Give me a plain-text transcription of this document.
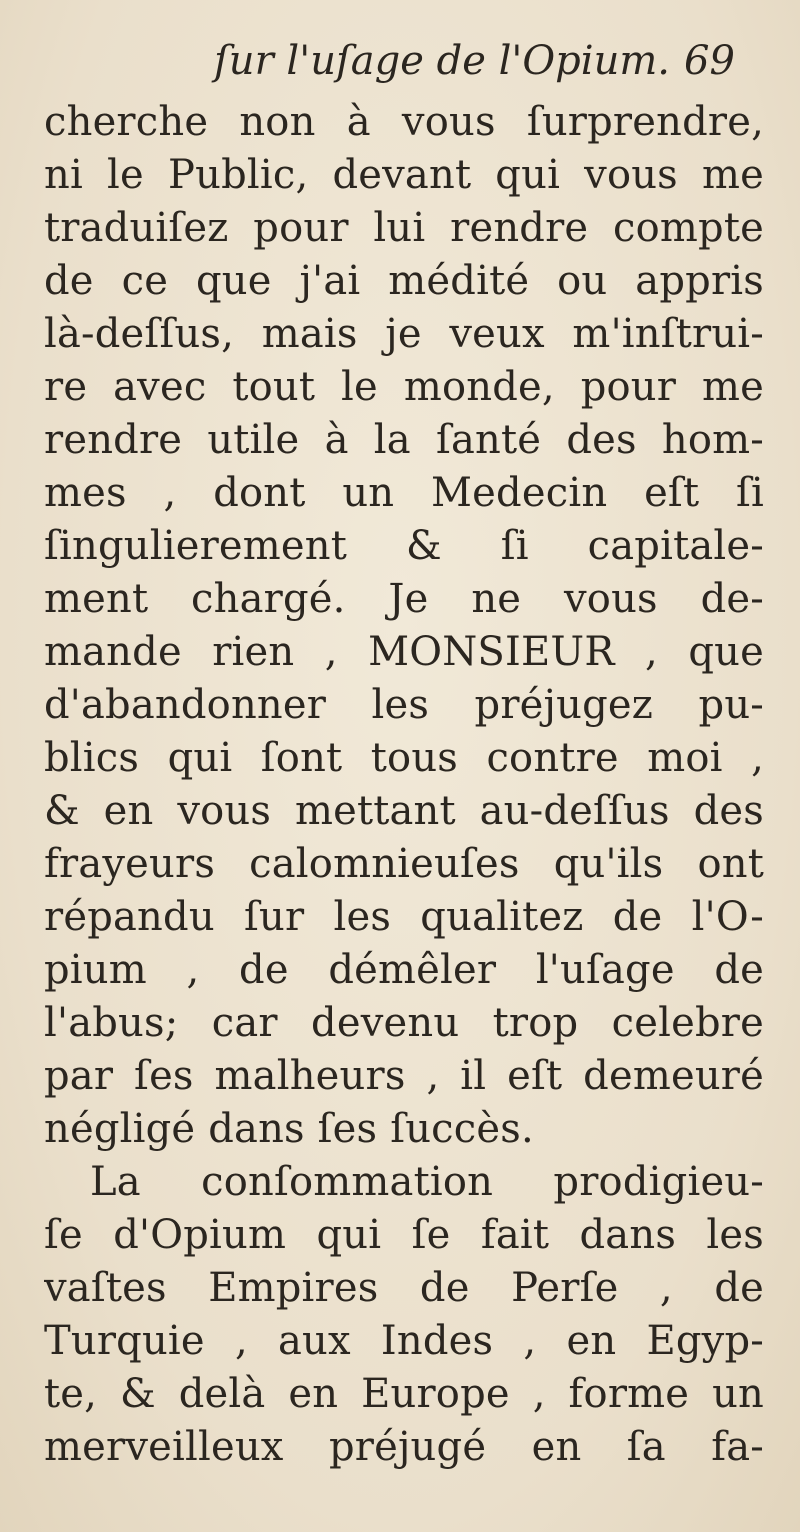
ſur l'uſage de l'Opium. 69
cherche non à vous ſurprendre,
ni le Public, devant qui vous me
traduiſez pour lui rendre compte
de ce que j'ai médité ou appris
là-deſſus, mais je veux m'inſtrui-
re avec tout le monde, pour me
rendre utile à la ſanté des hom-
mes , dont un Medecin eſt ſi
ſingulierement & ſi capitale-
ment chargé. Je ne vous de-
mande rien , MONSIEUR , que
d'abandonner les préjugez pu-
blics qui ſont tous contre moi ,
& en vous mettant au-deſſus des
frayeurs calomnieuſes qu'ils ont
répandu ſur les qualitez de l'O-
pium , de démêler l'uſage de
l'abus; car devenu trop celebre
par ſes malheurs , il eſt demeuré
négligé dans ſes ſuccès.
La conſommation prodigieu-
ſe d'Opium qui ſe fait dans les
vaſtes Empires de Perſe , de
Turquie , aux Indes , en Egyp-
te, & delà en Europe , forme un
merveilleux préjugé en ſa fa-
